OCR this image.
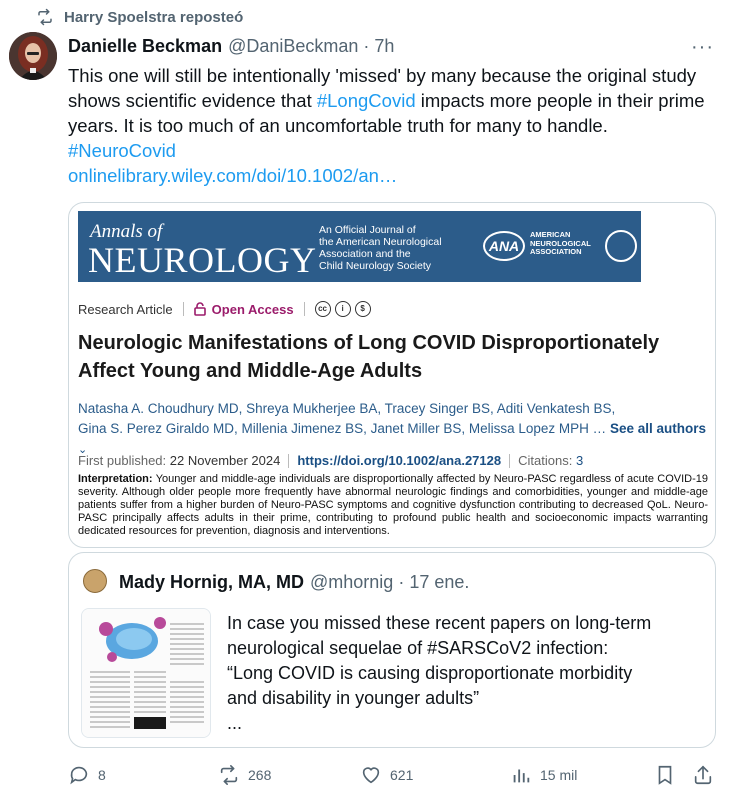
Harry Spoelstra reposteó
Danielle Beckman @DaniBeckman · 7h	···
This one will still be intentionally 'missed' by many because the original study
shows scientific evidence that #LongCovid impacts more people in their prime
years. It is too much of an uncomfortable truth for many to handle.
#NeuroCovid
onlinelibrary.wiley.com/doi/10.1002/an…
Annals of
NEUROLOGY
An Official Journal of
the American Neurological
Association and the
Child Neurology Society
ANA
AMERICAN
NEUROLOGICAL
ASSOCIATION
Research Article	Open Access	cc	i	$
Neurologic Manifestations of Long COVID Disproportionately Affect Young and Middle-Age Adults
Natasha A. Choudhury MD, Shreya Mukherjee BA, Tracey Singer BS, Aditi Venkatesh BS,
Gina S. Perez Giraldo MD, Millenia Jimenez BS, Janet Miller BS, Melissa Lopez MPH … See all authors ⌄
First published:
22 November 2024 https://doi.org/10.1002/ana.27128 Citations:
3
Interpretation: Younger and middle-age individuals are disproportionally affected by Neuro-PASC regardless of acute COVID-19 severity. Although older people more frequently have abnormal neurologic findings and comorbidities, younger and middle-age patients suffer from a higher burden of Neuro-PASC symptoms and cognitive dysfunction contributing to decreased QoL. Neuro-PASC principally affects adults in their prime, contributing to profound public health and socioeconomic impacts warranting dedicated resources for prevention, diagnosis and interventions.
Mady Hornig, MA, MD @mhornig · 17 ene.
In case you missed these recent papers on long-term
neurological sequelae of #SARSCoV2 infection:
“Long COVID is causing disproportionate morbidity
and disability in younger adults”
...
8	268	621	15 mil
